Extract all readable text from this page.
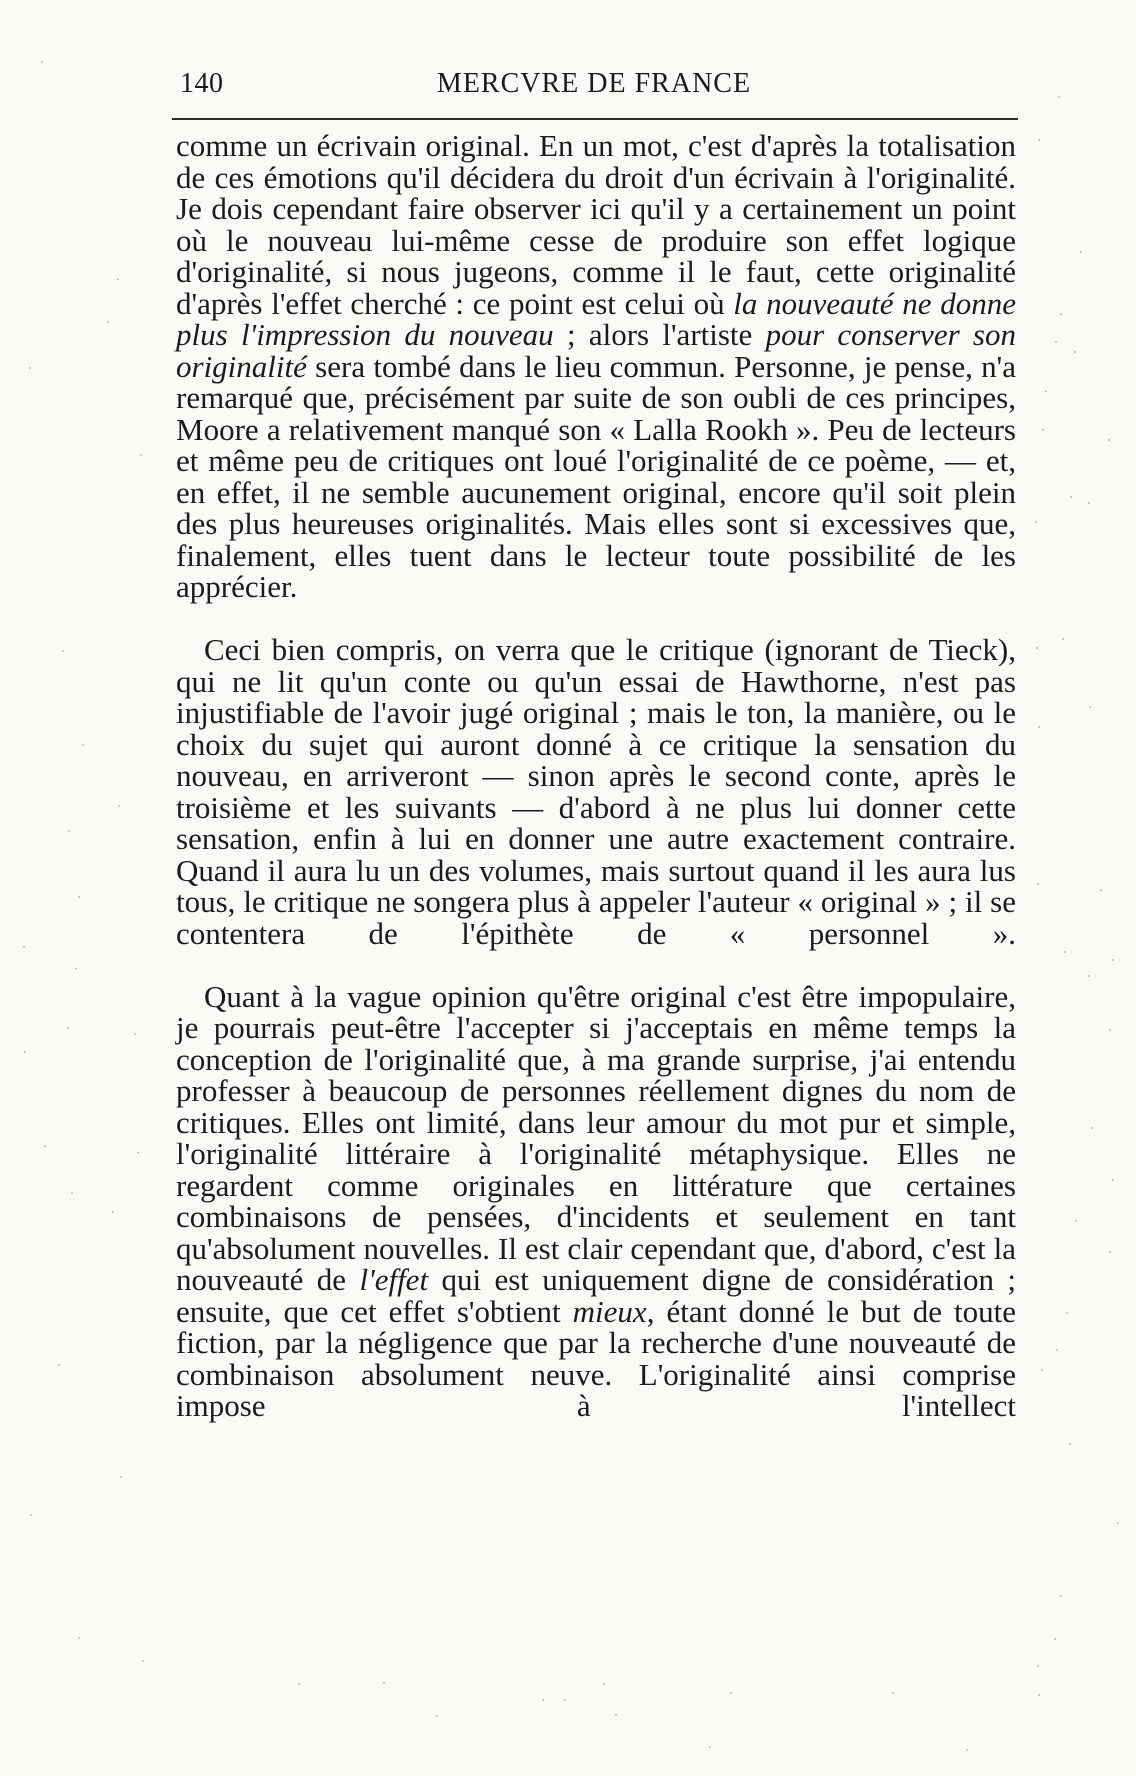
140	MERCVRE DE FRANCE

comme un écrivain original. En un mot, c'est d'après la totalisation de ces émotions qu'il décidera du droit d'un écrivain à l'originalité. Je dois cependant faire observer ici qu'il y a certainement un point où le nouveau lui-même cesse de produire son effet logique d'originalité, si nous jugeons, comme il le faut, cette originalité d'après l'effet cherché : ce point est celui où la nouveauté ne donne plus l'impression du nouveau ; alors l'artiste pour conserver son originalité sera tombé dans le lieu commun. Personne, je pense, n'a remarqué que, précisément par suite de son oubli de ces principes, Moore a relativement manqué son « Lalla Rookh ». Peu de lecteurs et même peu de critiques ont loué l'originalité de ce poème, — et, en effet, il ne semble aucunement original, encore qu'il soit plein des plus heureuses originalités. Mais elles sont si excessives que, finalement, elles tuent dans le lecteur toute possibilité de les apprécier.

Ceci bien compris, on verra que le critique (ignorant de Tieck), qui ne lit qu'un conte ou qu'un essai de Hawthorne, n'est pas injustifiable de l'avoir jugé original ; mais le ton, la manière, ou le choix du sujet qui auront donné à ce critique la sensation du nouveau, en arriveront — sinon après le second conte, après le troisième et les suivants — d'abord à ne plus lui donner cette sensation, enfin à lui en donner une autre exactement contraire. Quand il aura lu un des volumes, mais surtout quand il les aura lus tous, le critique ne songera plus à appeler l'auteur « original » ; il se contentera de l'épithète de « personnel ».

Quant à la vague opinion qu'être original c'est être impopulaire, je pourrais peut-être l'accepter si j'acceptais en même temps la conception de l'originalité que, à ma grande surprise, j'ai entendu professer à beaucoup de personnes réellement dignes du nom de critiques. Elles ont limité, dans leur amour du mot pur et simple, l'originalité littéraire à l'originalité métaphysique. Elles ne regardent comme originales en littérature que certaines combinaisons de pensées, d'incidents et seulement en tant qu'absolument nouvelles. Il est clair cependant que, d'abord, c'est la nouveauté de l'effet qui est uniquement digne de considération ; ensuite, que cet effet s'obtient mieux, étant donné le but de toute fiction, par la négligence que par la recherche d'une nouveauté de combinaison absolument neuve. L'originalité ainsi comprise impose à l'intellect
